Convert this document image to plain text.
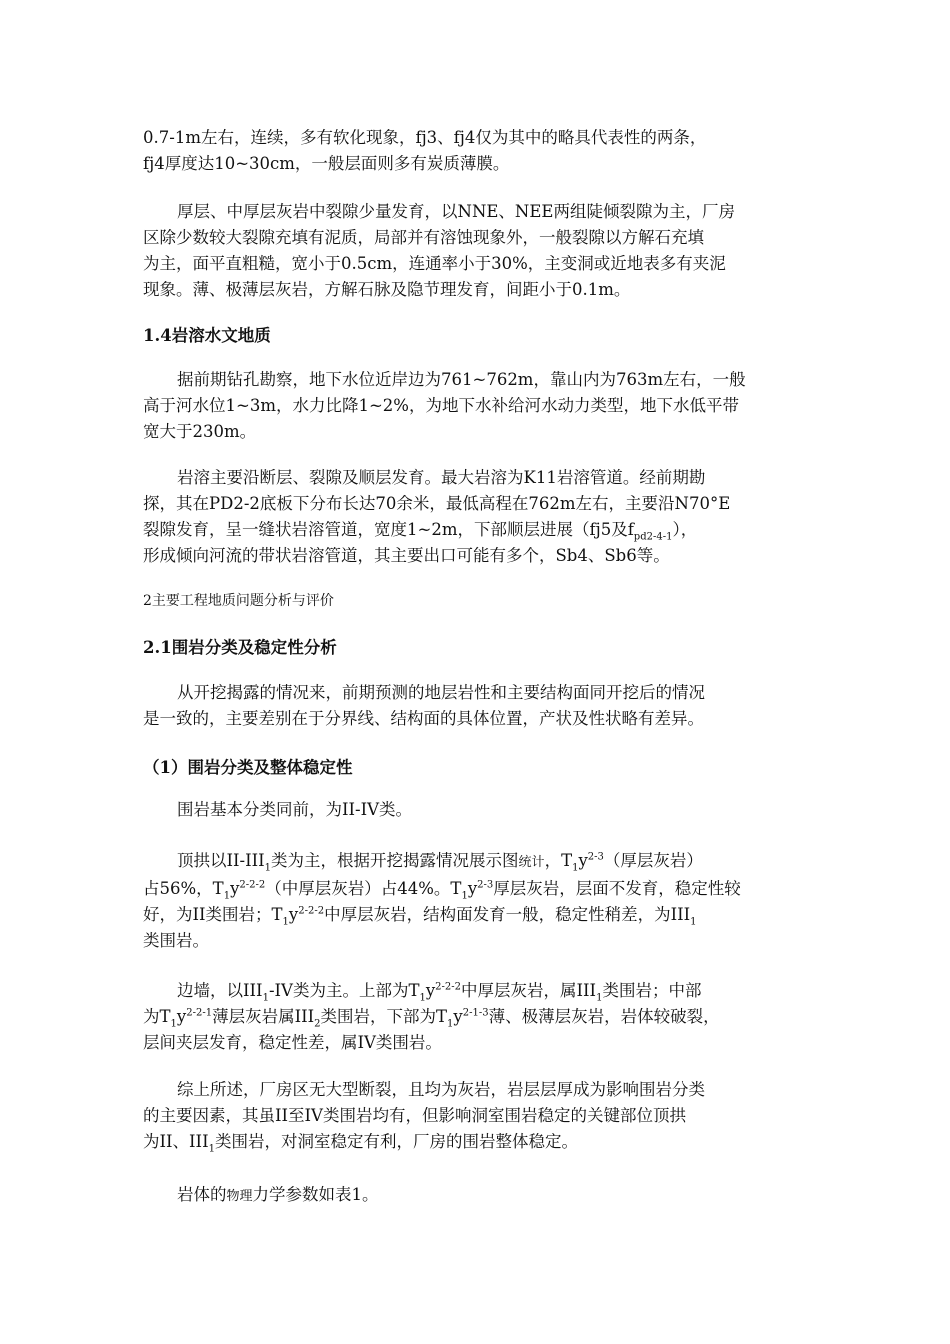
0.7-1m左右，连续，多有软化现象，fj3、fj4仅为其中的略具代表性的两条，
fj4厚度达10~30cm，一般层面则多有炭质薄膜。
厚层、中厚层灰岩中裂隙少量发育，以NNE、NEE两组陡倾裂隙为主，厂房
区除少数较大裂隙充填有泥质，局部并有溶蚀现象外，一般裂隙以方解石充填
为主，面平直粗糙，宽小于0.5cm，连通率小于30%，主变洞或近地表多有夹泥
现象。薄、极薄层灰岩，方解石脉及隐节理发育，间距小于0.1m。
1.4岩溶水文地质
据前期钻孔勘察，地下水位近岸边为761~762m，靠山内为763m左右，一般
高于河水位1~3m，水力比降1~2%，为地下水补给河水动力类型，地下水低平带
宽大于230m。
岩溶主要沿断层、裂隙及顺层发育。最大岩溶为K11岩溶管道。经前期勘
探，其在PD2-2底板下分布长达70余米，最低高程在762m左右，主要沿N70°E
裂隙发育，呈一缝状岩溶管道，宽度1~2m，下部顺层进展（fj5及$f_{pd2-4-1}$），
形成倾向河流的带状岩溶管道，其主要出口可能有多个，Sb4、Sb6等。
2主要工程地质问题分析与评价
2.1围岩分类及稳定性分析
从开挖揭露的情况来，前期预测的地层岩性和主要结构面同开挖后的情况
是一致的，主要差别在于分界线、结构面的具体位置，产状及性状略有差异。
（1）围岩分类及整体稳定性
围岩基本分类同前，为II-IV类。
顶拱以$II-III_1$类为主，根据开挖揭露情况展示图统计，$T_1y^{2-3}$（厚层灰岩）
占56%，$T_1y^{2-2-2}$（中厚层灰岩）占44%。$T_1y^{2-3}$厚层灰岩，层面不发育，稳定性较
好，为II类围岩；$T_1y^{2-2-2}$中厚层灰岩，结构面发育一般，稳定性稍差，为$III_1$
类围岩。
边墙，以$III_1-IV$类为主。上部为$T_1y^{2-2-2}$中厚层灰岩，属$III_1$类围岩；中部
为$T_1y^{2-2-1}$薄层灰岩属$III_2$类围岩，下部为$T_1y^{2-1-3}$薄、极薄层灰岩，岩体较破裂，
层间夹层发育，稳定性差，属IV类围岩。
综上所述，厂房区无大型断裂，且均为灰岩，岩层层厚成为影响围岩分类
的主要因素，其虽II至IV类围岩均有，但影响洞室围岩稳定的关键部位顶拱
为II、$III_1$类围岩，对洞室稳定有利，厂房的围岩整体稳定。
岩体的物理力学参数如表1。
